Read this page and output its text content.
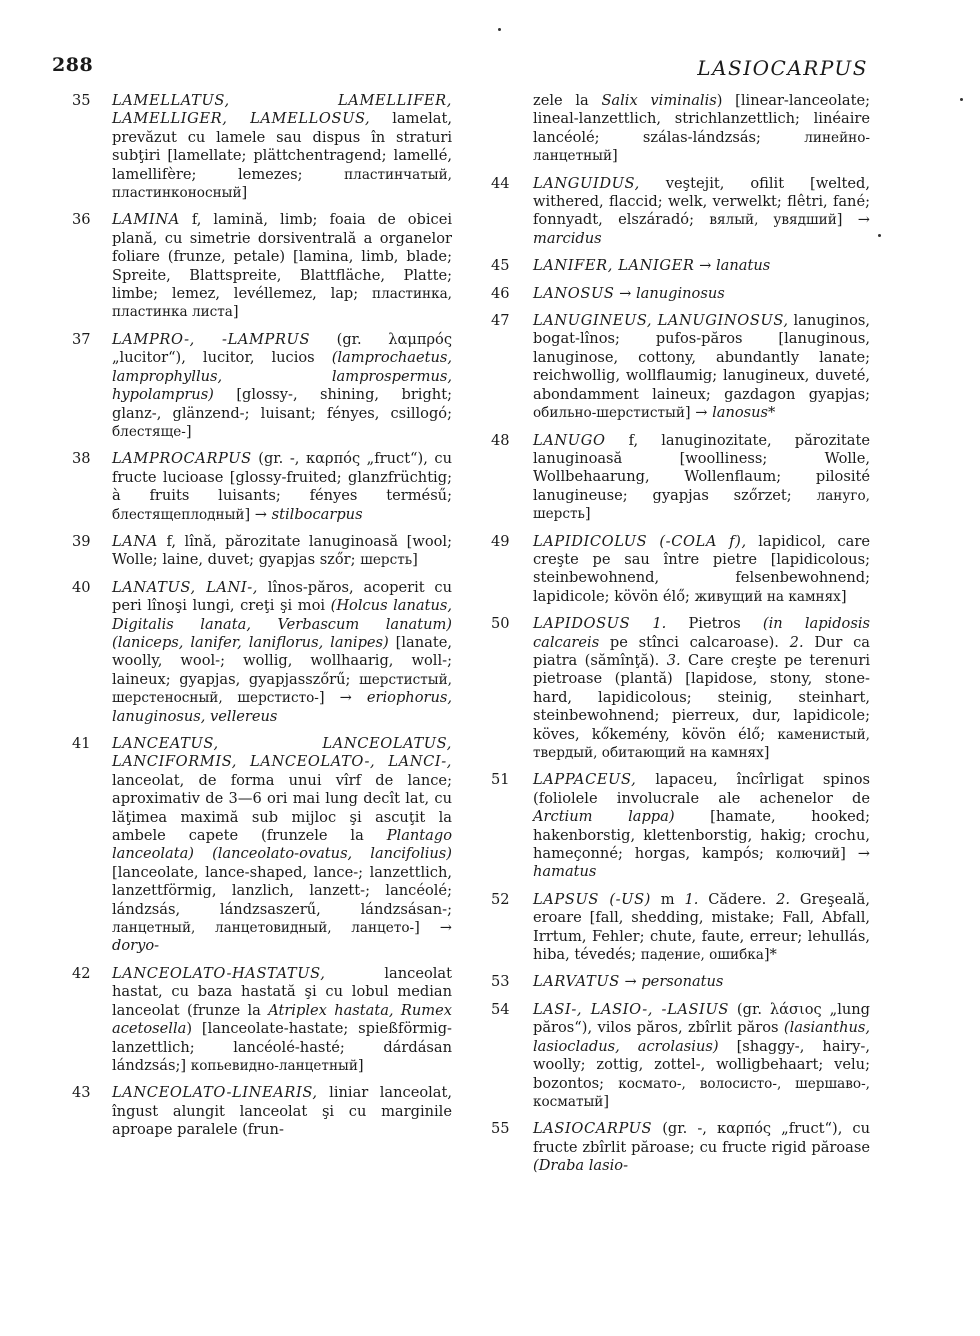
288	LASIOCARPUS
35 LAMELLATUS, LAMELLIFER, LAMELLIGER, LAMELLOSUS, lamelat, prevăzut cu lamele sau dispus în straturi subţiri [lamellate; plättchentragend; lamellé, lamellifère; lemezes; пластинчатый, пластинконосный]
36 LAMINA f, lamină, limb; foaia de obicei plană, cu simetrie dorsiventrală a organelor foliare (frunze, petale) [lamina, limb, blade; Spreite, Blattspreite, Blattfläche, Platte; limbe; lemez, levéllemez, lap; пластинка, пластинка листа]
37 LAMPRO-, -LAMPRUS (gr. λαμπρός „lucitor“), lucitor, lucios (lamprochaetus, lamprophyllus, lamprospermus, hypolamprus) [glossy-, shining, bright; glanz-, glänzend-; luisant; fényes, csillogó; блестяще-]
38 LAMPROCARPUS (gr. -, καρπός „fruct“), cu fructe lucioase [glossy-fruited; glanzfrüchtig; à fruits luisants; fényes termésű; блестящеплодный] → stilbocarpus
39 LANA f, lînă, părozitate lanuginoasă [wool; Wolle; laine, duvet; gyapjas szőr; шерсть]
40 LANATUS, LANI-, lînos-păros, acoperit cu peri lînoşi lungi, creţi şi moi (Holcus lanatus, Digitalis lanata, Verbascum lanatum) (laniceps, lanifer, laniflorus, lanipes) [lanate, woolly, wool-; wollig, wollhaarig, woll-; laineux; gyapjas, gyapjasszőrű; шерстистый, шерстеносный, шерстисто-] → eriophorus, lanuginosus, vellereus
41 LANCEATUS, LANCEOLATUS, LANCIFORMIS, LANCEOLATO-, LANCI-, lanceolat, de forma unui vîrf de lance; aproximativ de 3—6 ori mai lung decît lat, cu lăţimea maximă sub mijloc şi ascuţit la ambele capete (frunzele la Plantago lanceolata) (lanceolato-ovatus, lancifolius) [lanceolate, lance-shaped, lance-; lanzettlich, lanzettförmig, lanzlich, lanzett-; lancéolé; lándzsás, lándzsaszerű, lándzsásan-; ланцетный, ланцетовидный, ланцето-] → doryo-
42 LANCEOLATO-HASTATUS, lanceolat hastat, cu baza hastată şi cu lobul median lanceolat (frunze la Atriplex hastata, Rumex acetosella) [lanceolate-hastate; spießförmig-lanzettlich; lancéolé-hasté; dárdásan lándzsás;] копьевидно-ланцетный]
43 LANCEOLATO-LINEARIS, liniar lanceolat, îngust alungit lanceolat şi cu marginile aproape paralele (frun-
zele la Salix viminalis) [linear-lanceolate; lineal-lanzettlich, strichlanzettlich; linéaire lancéolé; szálas-lándzsás; линейно-ланцетный]
44 LANGUIDUS, veştejit, ofilit [welted, withered, flaccid; welk, verwelkt; flêtri, fané; fonnyadt, elszáradó; вялый, увядший] → marcidus
45 LANIFER, LANIGER → lanatus
46 LANOSUS → lanuginosus
47 LANUGINEUS, LANUGINOSUS, lanuginos, bogat-lînos; pufos-păros [lanuginous, lanuginose, cottony, abundantly lanate; reichwollig, wollflaumig; lanugineux, duveté, abondamment laineux; gazdagon gyapjas; обильно-шерстистый] → lanosus*
48 LANUGO f, lanuginozitate, părozitate lanuginoasă [woolliness; Wolle, Wollbehaarung, Wollenflaum; pilosité lanugineuse; gyapjas szőrzet; лануго, шерсть]
49 LAPIDICOLUS (-COLA f), lapidicol, care creşte pe sau între pietre [lapidicolous; steinbewohnend, felsenbewohnend; lapidicole; kövön élő; живущий на камнях]
50 LAPIDOSUS 1. Pietros (in lapidosis calcareis pe stînci calcaroase). 2. Dur ca piatra (sămînţă). 3. Care creşte pe terenuri pietroase (plantă) [lapidose, stony, stone-hard, lapidicolous; steinig, steinhart, steinbewohnend; pierreux, dur, lapidicole; köves, kőkemény, kövön élő; каменистый, твердый, обитающий на камнях]
51 LAPPACEUS, lapaceu, încîrligat spinos (foliolele involucrale ale achenelor de Arctium lappa) [hamate, hooked; hakenborstig, klettenborstig, hakig; crochu, hameçonné; horgas, kampós; колючий] → hamatus
52 LAPSUS (-US) m 1. Cădere. 2. Greşeală, eroare [fall, shedding, mistake; Fall, Abfall, Irrtum, Fehler; chute, faute, erreur; lehullás, hiba, tévedés; падение, ошибка]*
53 LARVATUS → personatus
54 LASI-, LASIO-, -LASIUS (gr. λάσιος „lung păros“), vilos păros, zbîrlit păros (lasianthus, lasiocladus, acrolasius) [shaggy-, hairy-, woolly; zottig, zottel-, wolligbehaart; velu; bozontos; космато-, волосисто-, шершаво-, косматый]
55 LASIOCARPUS (gr. -, καρπός „fruct“), cu fructe zbîrlit păroase; cu fructe rigid păroase (Draba lasio-
